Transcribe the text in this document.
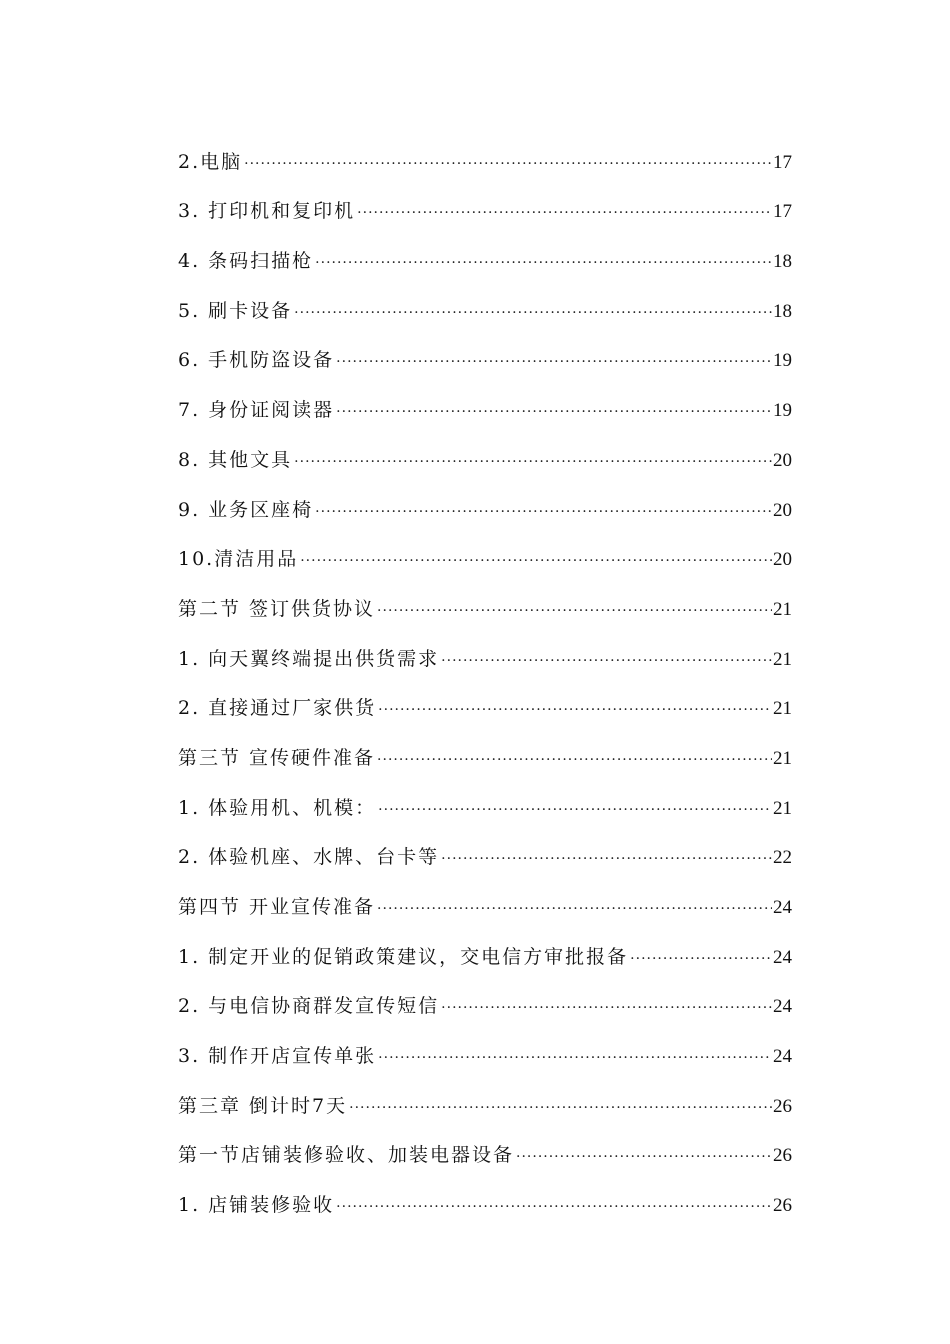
2.电脑 ·····	17
3. 打印机和复印机 ·····	17
4. 条码扫描枪 ·····	18
5. 刷卡设备 ·····	18
6. 手机防盗设备 ·····	19
7. 身份证阅读器 ·····	19
8. 其他文具 ·····	20
9. 业务区座椅 ·····	20
10.清洁用品 ·····	20
第二节 签订供货协议 ·····	21
1. 向天翼终端提出供货需求 ·····	21
2. 直接通过厂家供货 ·····	21
第三节 宣传硬件准备 ·····	21
1. 体验用机、机模： ·····	21
2. 体验机座、水牌、台卡等 ·····	22
第四节 开业宣传准备 ·····	24
1. 制定开业的促销政策建议，交电信方审批报备 ·····	24
2. 与电信协商群发宣传短信 ·····	24
3. 制作开店宣传单张 ·····	24
第三章 倒计时7天 ·····	26
第一节店铺装修验收、加装电器设备 ·····	26
1. 店铺装修验收 ·····	26
